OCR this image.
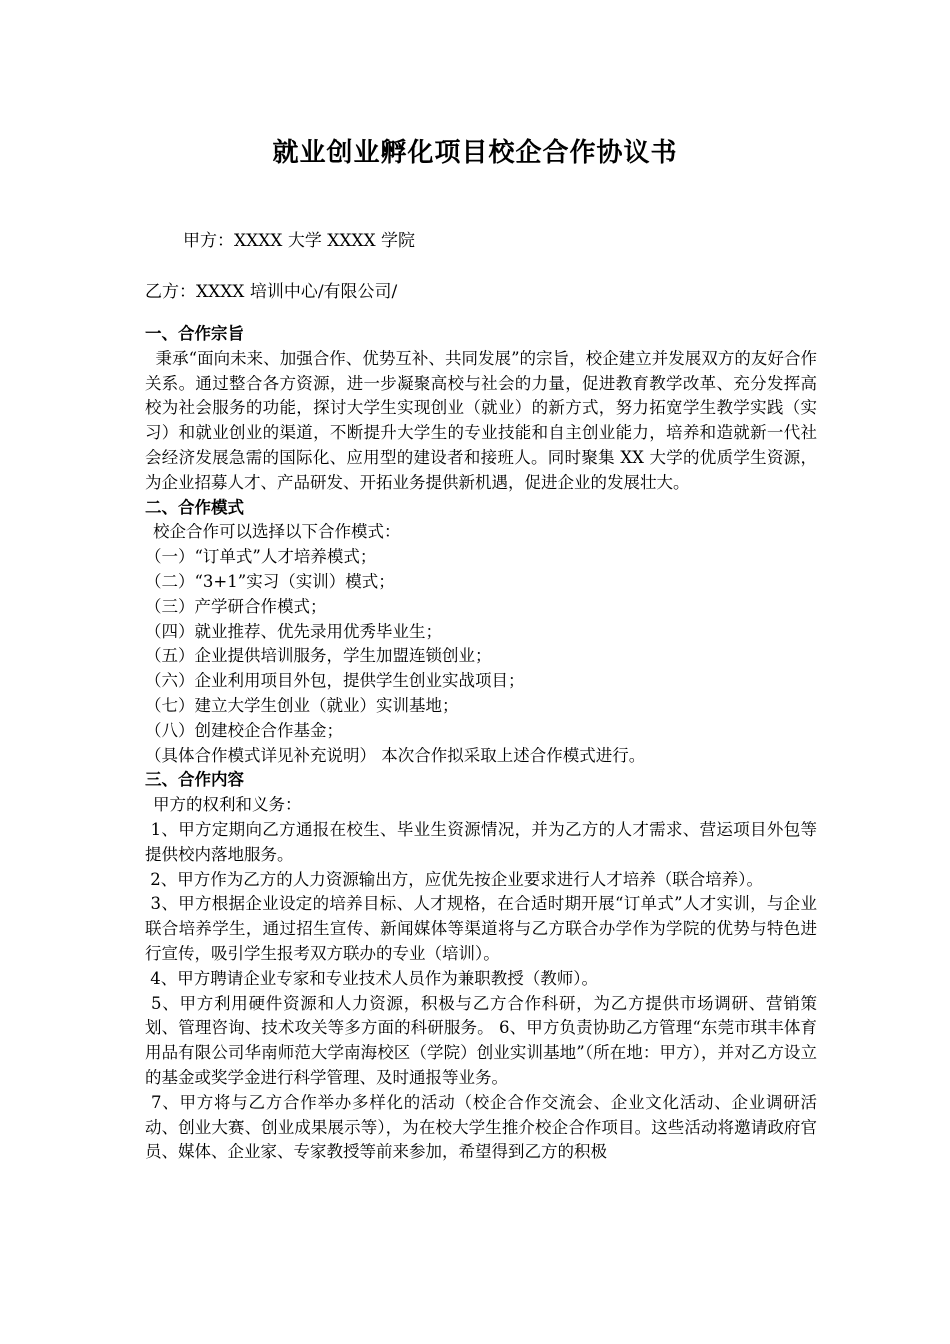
就业创业孵化项目校企合作协议书
甲方：XXXX 大学 XXXX 学院
乙方：XXXX 培训中心/有限公司/

一、合作宗旨

秉承“面向未来、加强合作、优势互补、共同发展”的宗旨，校企建立并发展双方的友好合作关系。通过整合各方资源，进一步凝聚高校与社会的力量，促进教育教学改革、充分发挥高校为社会服务的功能，探讨大学生实现创业（就业）的新方式，努力拓宽学生教学实践（实习）和就业创业的渠道，不断提升大学生的专业技能和自主创业能力，培养和造就新一代社会经济发展急需的国际化、应用型的建设者和接班人。同时聚集 XX 大学的优质学生资源，为企业招募人才、产品研发、开拓业务提供新机遇，促进企业的发展壮大。

二、合作模式

校企合作可以选择以下合作模式：

（一）“订单式”人才培养模式；

（二）“3+1”实习（实训）模式；

（三）产学研合作模式；

（四）就业推荐、优先录用优秀毕业生；

（五）企业提供培训服务，学生加盟连锁创业；

（六）企业利用项目外包，提供学生创业实战项目；

（七）建立大学生创业（就业）实训基地；

（八）创建校企合作基金；

（具体合作模式详见补充说明） 本次合作拟采取上述合作模式进行。

三、合作内容

甲方的权利和义务：

1、甲方定期向乙方通报在校生、毕业生资源情况，并为乙方的人才需求、营运项目外包等提供校内落地服务。

2、甲方作为乙方的人力资源输出方，应优先按企业要求进行人才培养（联合培养）。

3、甲方根据企业设定的培养目标、人才规格，在合适时期开展“订单式”人才实训，与企业联合培养学生，通过招生宣传、新闻媒体等渠道将与乙方联合办学作为学院的优势与特色进行宣传，吸引学生报考双方联办的专业（培训）。

4、甲方聘请企业专家和专业技术人员作为兼职教授（教师）。

5、甲方利用硬件资源和人力资源，积极与乙方合作科研，为乙方提供市场调研、营销策划、管理咨询、技术攻关等多方面的科研服务。 6、甲方负责协助乙方管理“东莞市琪丰体育用品有限公司华南师范大学南海校区（学院）创业实训基地”（所在地：甲方），并对乙方设立的基金或奖学金进行科学管理、及时通报等业务。

7、甲方将与乙方合作举办多样化的活动（校企合作交流会、企业文化活动、企业调研活动、创业大赛、创业成果展示等），为在校大学生推介校企合作项目。这些活动将邀请政府官员、媒体、企业家、专家教授等前来参加，希望得到乙方的积极
